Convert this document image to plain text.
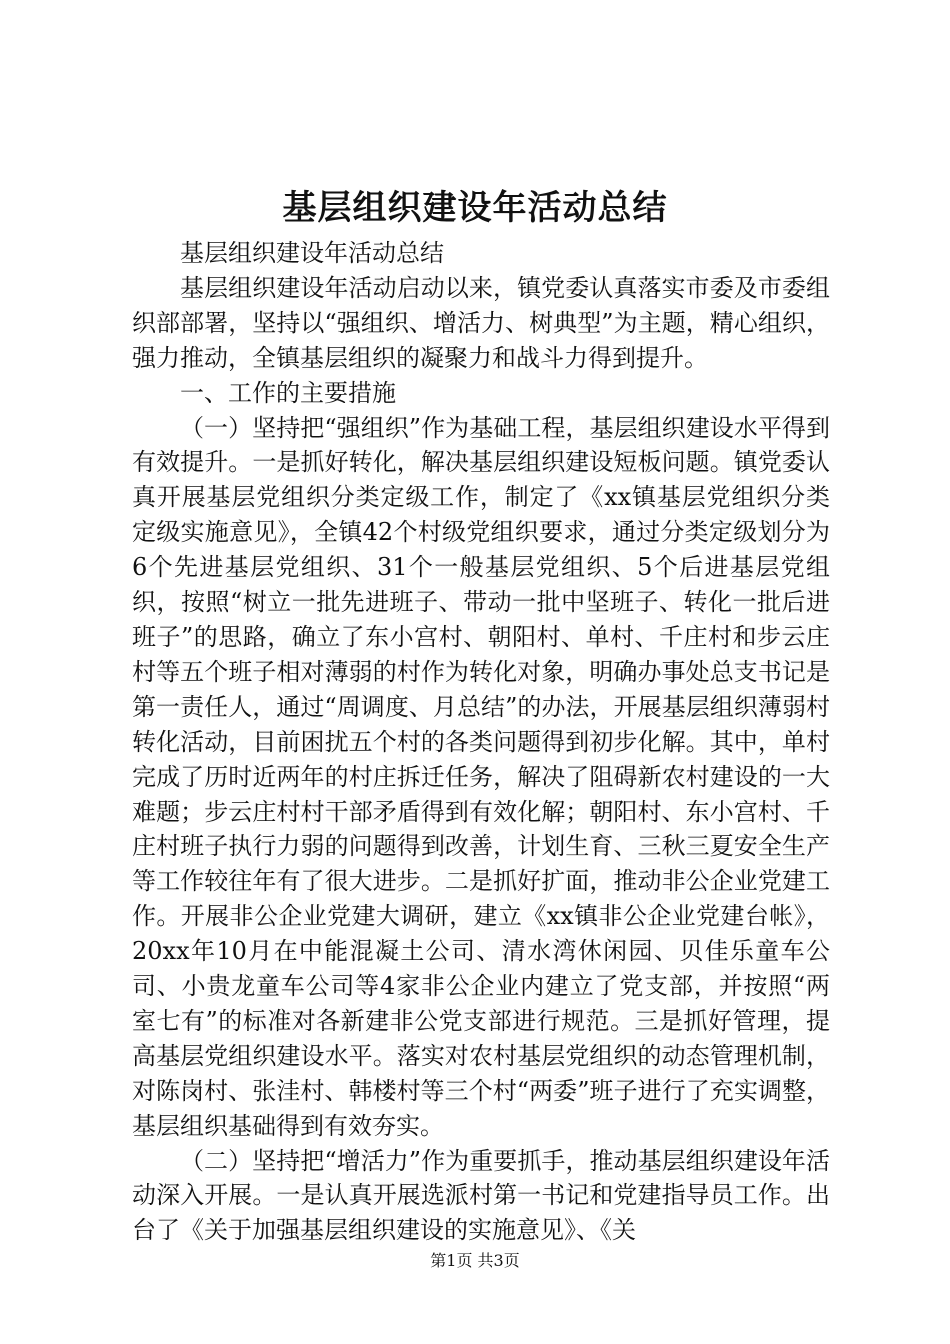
基层组织建设年活动总结

基层组织建设年活动总结

基层组织建设年活动启动以来，镇党委认真落实市委及市委组织部部署，坚持以“强组织、增活力、树典型”为主题，精心组织，强力推动，全镇基层组织的凝聚力和战斗力得到提升。

一、工作的主要措施

（一）坚持把“强组织”作为基础工程，基层组织建设水平得到有效提升。一是抓好转化，解决基层组织建设短板问题。镇党委认真开展基层党组织分类定级工作，制定了《xx镇基层党组织分类定级实施意见》，全镇42个村级党组织要求，通过分类定级划分为6个先进基层党组织、31个一般基层党组织、5个后进基层党组织，按照“树立一批先进班子、带动一批中坚班子、转化一批后进班子”的思路，确立了东小宫村、朝阳村、单村、千庄村和步云庄村等五个班子相对薄弱的村作为转化对象，明确办事处总支书记是第一责任人，通过“周调度、月总结”的办法，开展基层组织薄弱村转化活动，目前困扰五个村的各类问题得到初步化解。其中，单村完成了历时近两年的村庄拆迁任务，解决了阻碍新农村建设的一大难题；步云庄村村干部矛盾得到有效化解；朝阳村、东小宫村、千庄村班子执行力弱的问题得到改善，计划生育、三秋三夏安全生产等工作较往年有了很大进步。二是抓好扩面，推动非公企业党建工作。开展非公企业党建大调研，建立《xx镇非公企业党建台帐》，20xx年10月在中能混凝土公司、清水湾休闲园、贝佳乐童车公司、小贵龙童车公司等4家非公企业内建立了党支部，并按照“两室七有”的标准对各新建非公党支部进行规范。三是抓好管理，提高基层党组织建设水平。落实对农村基层党组织的动态管理机制，对陈岗村、张洼村、韩楼村等三个村“两委”班子进行了充实调整，基层组织基础得到有效夯实。

（二）坚持把“增活力”作为重要抓手，推动基层组织建设年活动深入开展。一是认真开展选派村第一书记和党建指导员工作。出台了《关于加强基层组织建设的实施意见》、《关

第1页 共3页
